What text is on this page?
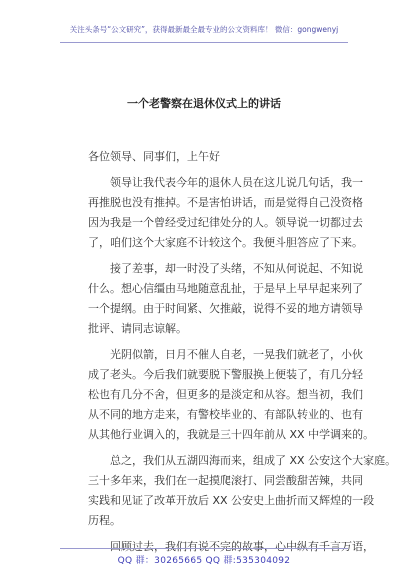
关注头条号“公文研究”，获得最新最全最专业的公文资料库！ 微信：gongwenyj
一个老警察在退休仪式上的讲话
各位领导、同事们，上午好

领导让我代表今年的退休人员在这儿说几句话，我一
再推脱也没有推掉。不是害怕讲话，而是觉得自己没资格
因为我是一个曾经受过纪律处分的人。领导说一切都过去
了，咱们这个大家庭不计较这个。我便斗胆答应了下来。

接了差事，却一时没了头绪，不知从何说起、不知说
什么。想心信缰由马地随意乱扯，于是早上早早起来列了
一个提纲。由于时间紧、欠推敲，说得不妥的地方请领导
批评、请同志谅解。

光阴似箭，日月不催人自老，一晃我们就老了，小伙
成了老头。今后我们就要脱下警服换上便装了，有几分轻
松也有几分不舍，但更多的是淡定和从容。想当初，我们
从不同的地方走来，有警校毕业的、有部队转业的、也有
从其他行业调入的，我就是三十四年前从 XX 中学调来的。

总之，我们从五湖四海而来，组成了 XX 公安这个大家庭。
三十多年来，我们在一起摸爬滚打、同尝酸甜苦辣，共同
实践和见证了改革开放后 XX 公安史上曲折而又辉煌的一段
历程。

回顾过去，我们有说不完的故事，心中纵有千言万语，

QQ 群：30265665 QQ 群:535304092
